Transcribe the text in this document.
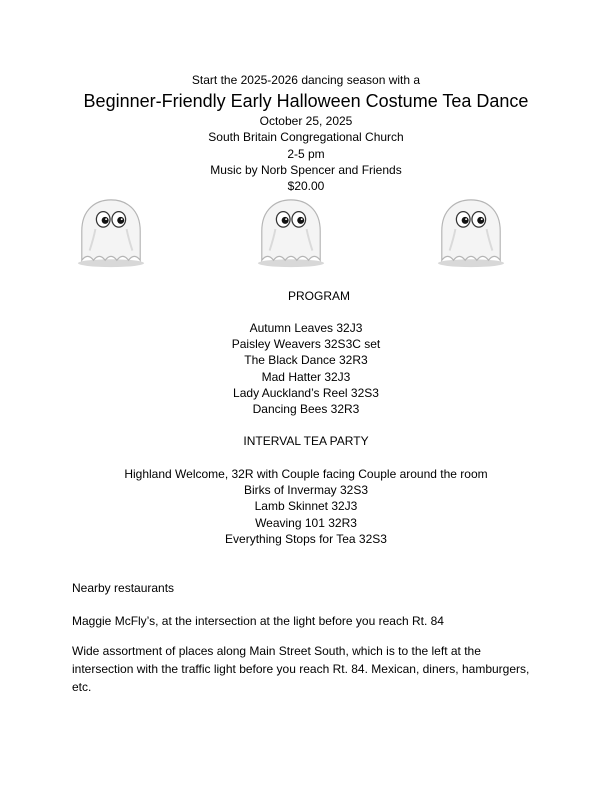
Start the 2025-2026 dancing season with a
Beginner-Friendly Early Halloween Costume Tea Dance
October 25, 2025
South Britain Congregational Church
2-5 pm
Music by Norb Spencer and Friends
$20.00
PROGRAM
Autumn Leaves 32J3
Paisley Weavers 32S3C set
The Black Dance 32R3
Mad Hatter 32J3
Lady Auckland’s Reel 32S3
Dancing Bees 32R3
INTERVAL TEA PARTY
Highland Welcome, 32R with Couple facing Couple around the room
Birks of Invermay 32S3
Lamb Skinnet 32J3
Weaving 101 32R3
Everything Stops for Tea 32S3
Nearby restaurants
Maggie McFly’s, at the intersection at the light before you reach Rt. 84
Wide assortment of places along Main Street South, which is to the left at the intersection with the traffic light before you reach Rt. 84. Mexican, diners, hamburgers, etc.
